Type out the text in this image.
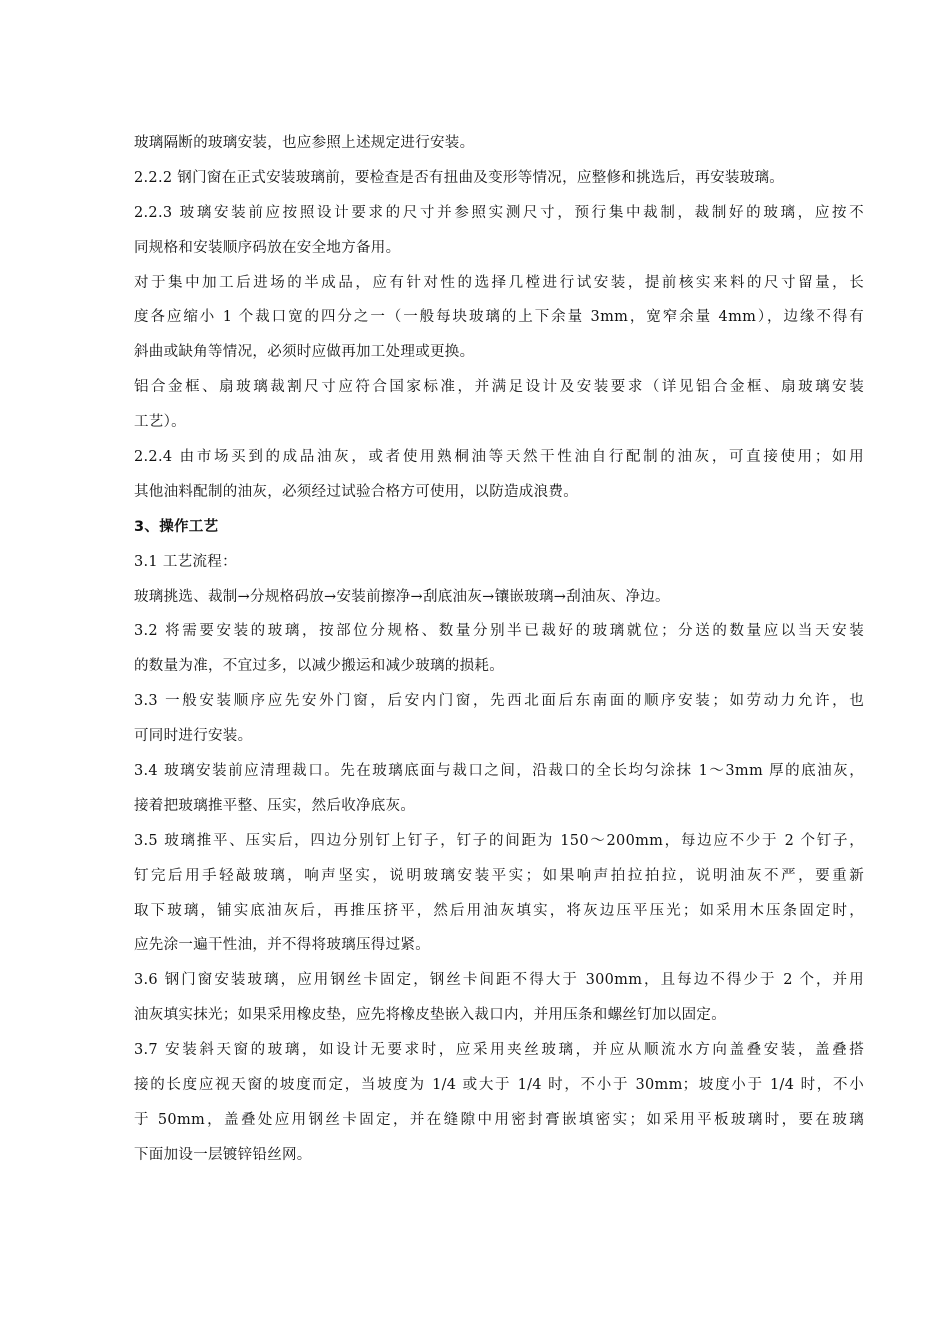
玻璃隔断的玻璃安装，也应参照上述规定进行安装。
2.2.2 钢门窗在正式安装玻璃前，要检查是否有扭曲及变形等情况，应整修和挑选后，再安装玻璃。
2.2.3 玻璃安装前应按照设计要求的尺寸并参照实测尺寸，预行集中裁制，裁制好的玻璃，应按不
同规格和安装顺序码放在安全地方备用。
对于集中加工后进场的半成品，应有针对性的选择几樘进行试安装，提前核实来料的尺寸留量，长
度各应缩小 1 个裁口宽的四分之一（一般每块玻璃的上下余量 3mm，宽窄余量 4mm），边缘不得有
斜曲或缺角等情况，必须时应做再加工处理或更换。
铝合金框、扇玻璃裁割尺寸应符合国家标准，并满足设计及安装要求（详见铝合金框、扇玻璃安装
工艺）。
2.2.4 由市场买到的成品油灰，或者使用熟桐油等天然干性油自行配制的油灰，可直接使用；如用
其他油料配制的油灰，必须经过试验合格方可使用，以防造成浪费。
3、操作工艺
3.1 工艺流程：
玻璃挑选、裁制→分规格码放→安装前擦净→刮底油灰→镶嵌玻璃→刮油灰、净边。
3.2 将需要安装的玻璃，按部位分规格、数量分别半已裁好的玻璃就位；分送的数量应以当天安装
的数量为准，不宜过多，以减少搬运和减少玻璃的损耗。
3.3 一般安装顺序应先安外门窗，后安内门窗，先西北面后东南面的顺序安装；如劳动力允许，也
可同时进行安装。
3.4 玻璃安装前应清理裁口。先在玻璃底面与裁口之间，沿裁口的全长均匀涂抹 1～3mm 厚的底油灰，
接着把玻璃推平整、压实，然后收净底灰。
3.5 玻璃推平、压实后，四边分别钉上钉子，钉子的间距为 150～200mm，每边应不少于 2 个钉子，
钉完后用手轻敲玻璃，响声坚实，说明玻璃安装平实；如果响声拍拉拍拉，说明油灰不严，要重新
取下玻璃，铺实底油灰后，再推压挤平，然后用油灰填实，将灰边压平压光；如采用木压条固定时，
应先涂一遍干性油，并不得将玻璃压得过紧。
3.6 钢门窗安装玻璃，应用钢丝卡固定，钢丝卡间距不得大于 300mm，且每边不得少于 2 个，并用
油灰填实抹光；如果采用橡皮垫，应先将橡皮垫嵌入裁口内，并用压条和螺丝钉加以固定。
3.7 安装斜天窗的玻璃，如设计无要求时，应采用夹丝玻璃，并应从顺流水方向盖叠安装，盖叠搭
接的长度应视天窗的坡度而定，当坡度为 1/4 或大于 1/4 时，不小于 30mm；坡度小于 1/4 时，不小
于 50mm，盖叠处应用钢丝卡固定，并在缝隙中用密封膏嵌填密实；如采用平板玻璃时，要在玻璃
下面加设一层镀锌铅丝网。
